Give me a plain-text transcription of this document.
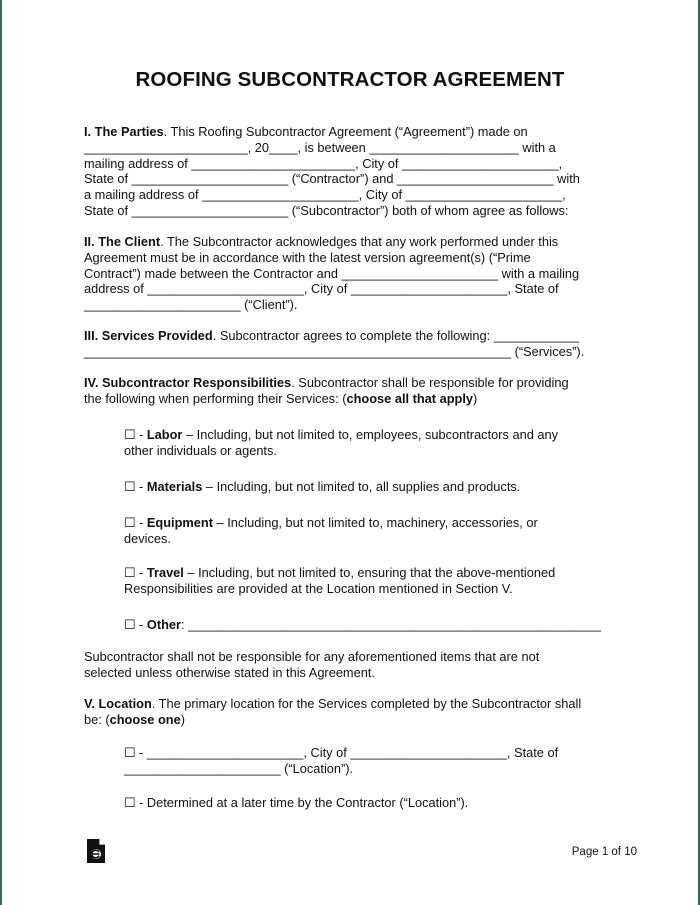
ROOFING SUBCONTRACTOR AGREEMENT

I. The Parties. This Roofing Subcontractor Agreement (“Agreement”) made on

_______________________, 20____, is between _____________________ with a

mailing address of _______________________, City of ______________________,

State of ______________________ (“Contractor”) and ______________________ with

a mailing address of ______________________, City of ______________________,

State of ______________________ (“Subcontractor”) both of whom agree as follows:

II. The Client. The Subcontractor acknowledges that any work performed under this

Agreement must be in accordance with the latest version agreement(s) (“Prime

Contract”) made between the Contractor and ______________________ with a mailing

address of ______________________, City of ______________________, State of

______________________ (“Client”).

III. Services Provided. Subcontractor agrees to complete the following: ____________

____________________________________________________________ (“Services”).

IV. Subcontractor Responsibilities. Subcontractor shall be responsible for providing

the following when performing their Services: (choose all that apply)

☐ - Labor – Including, but not limited to, employees, subcontractors and any

other individuals or agents.

☐ - Materials – Including, but not limited to, all supplies and products.

☐ - Equipment – Including, but not limited to, machinery, accessories, or

devices.

☐ - Travel – Including, but not limited to, ensuring that the above-mentioned

Responsibilities are provided at the Location mentioned in Section V.

☐ - Other: __________________________________________________________

Subcontractor shall not be responsible for any aforementioned items that are not

selected unless otherwise stated in this Agreement.

V. Location. The primary location for the Services completed by the Subcontractor shall

be: (choose one)

☐ - ______________________, City of ______________________, State of

______________________ (“Location”).

☐ - Determined at a later time by the Contractor (“Location”).

Page 1 of 10
